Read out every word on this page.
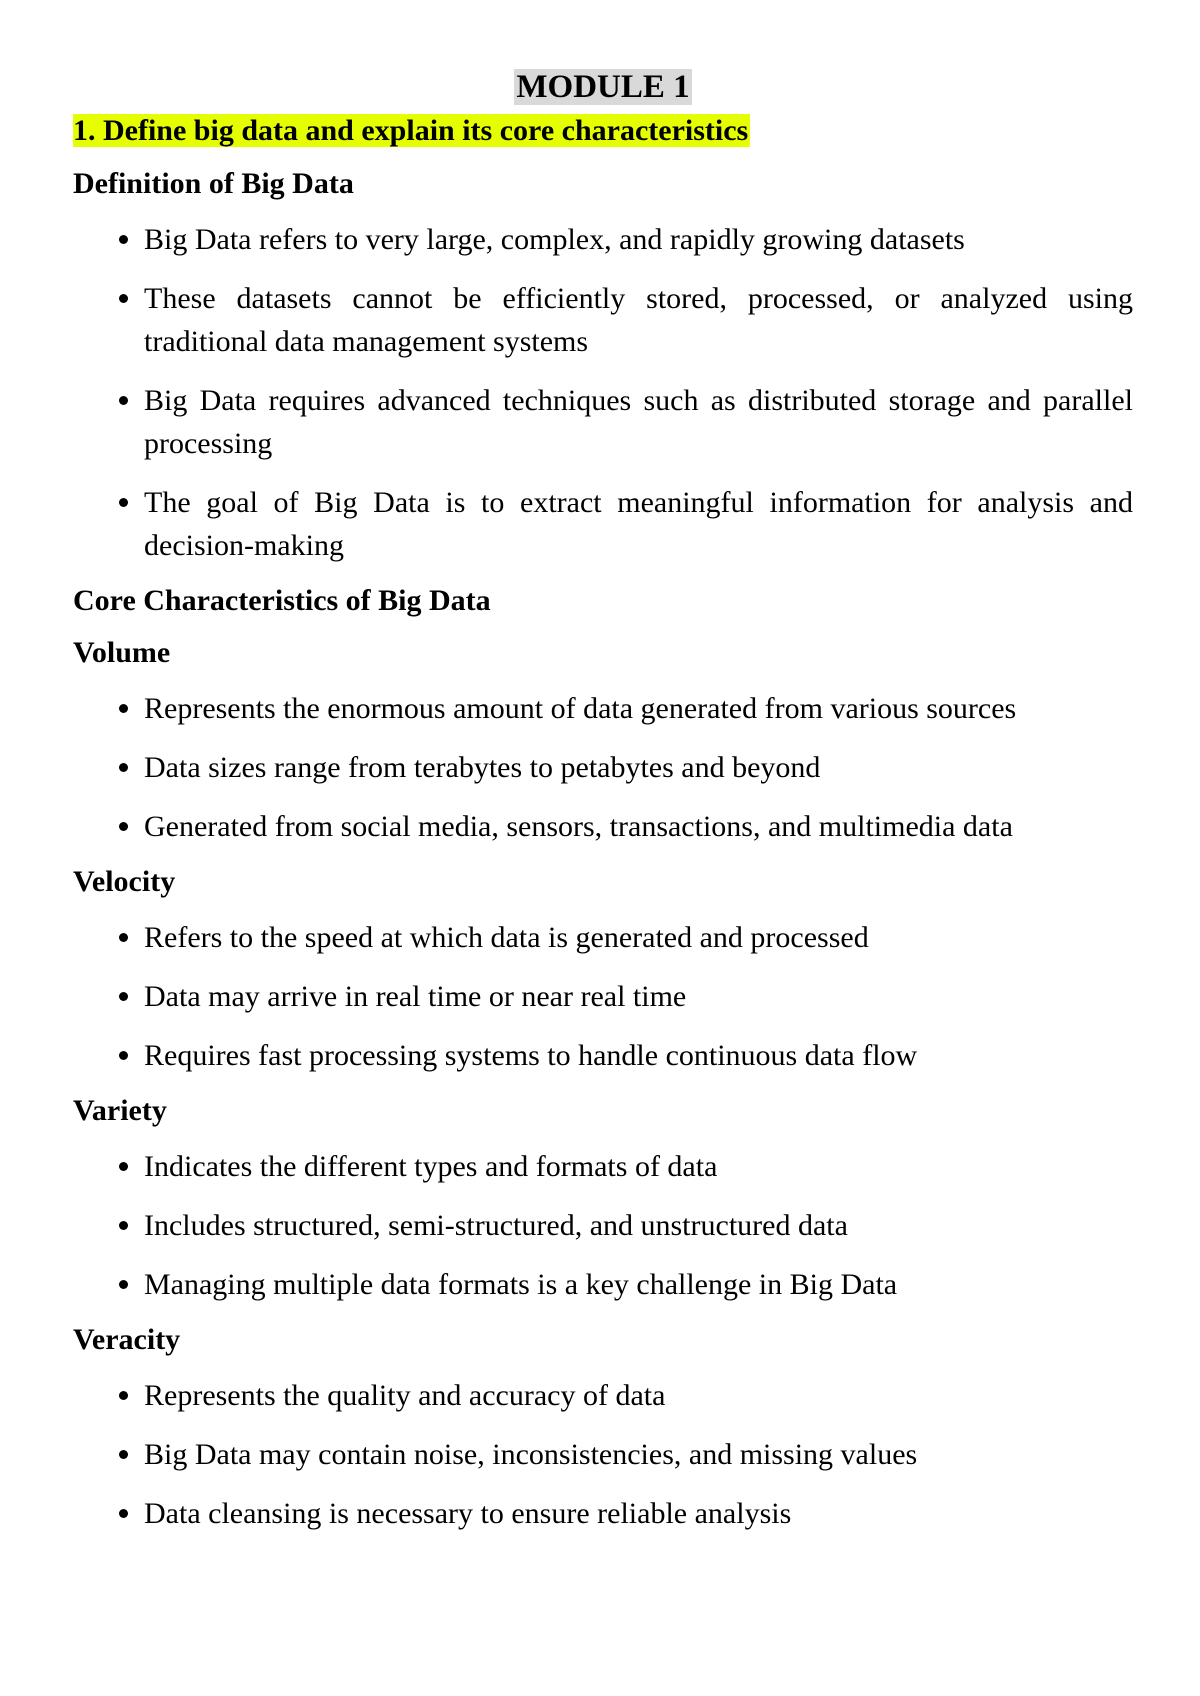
MODULE 1
1. Define big data and explain its core characteristics
Definition of Big Data
Big Data refers to very large, complex, and rapidly growing datasets
These datasets cannot be efficiently stored, processed, or analyzed using traditional data management systems
Big Data requires advanced techniques such as distributed storage and parallel processing
The goal of Big Data is to extract meaningful information for analysis and decision-making
Core Characteristics of Big Data
Volume
Represents the enormous amount of data generated from various sources
Data sizes range from terabytes to petabytes and beyond
Generated from social media, sensors, transactions, and multimedia data
Velocity
Refers to the speed at which data is generated and processed
Data may arrive in real time or near real time
Requires fast processing systems to handle continuous data flow
Variety
Indicates the different types and formats of data
Includes structured, semi-structured, and unstructured data
Managing multiple data formats is a key challenge in Big Data
Veracity
Represents the quality and accuracy of data
Big Data may contain noise, inconsistencies, and missing values
Data cleansing is necessary to ensure reliable analysis
